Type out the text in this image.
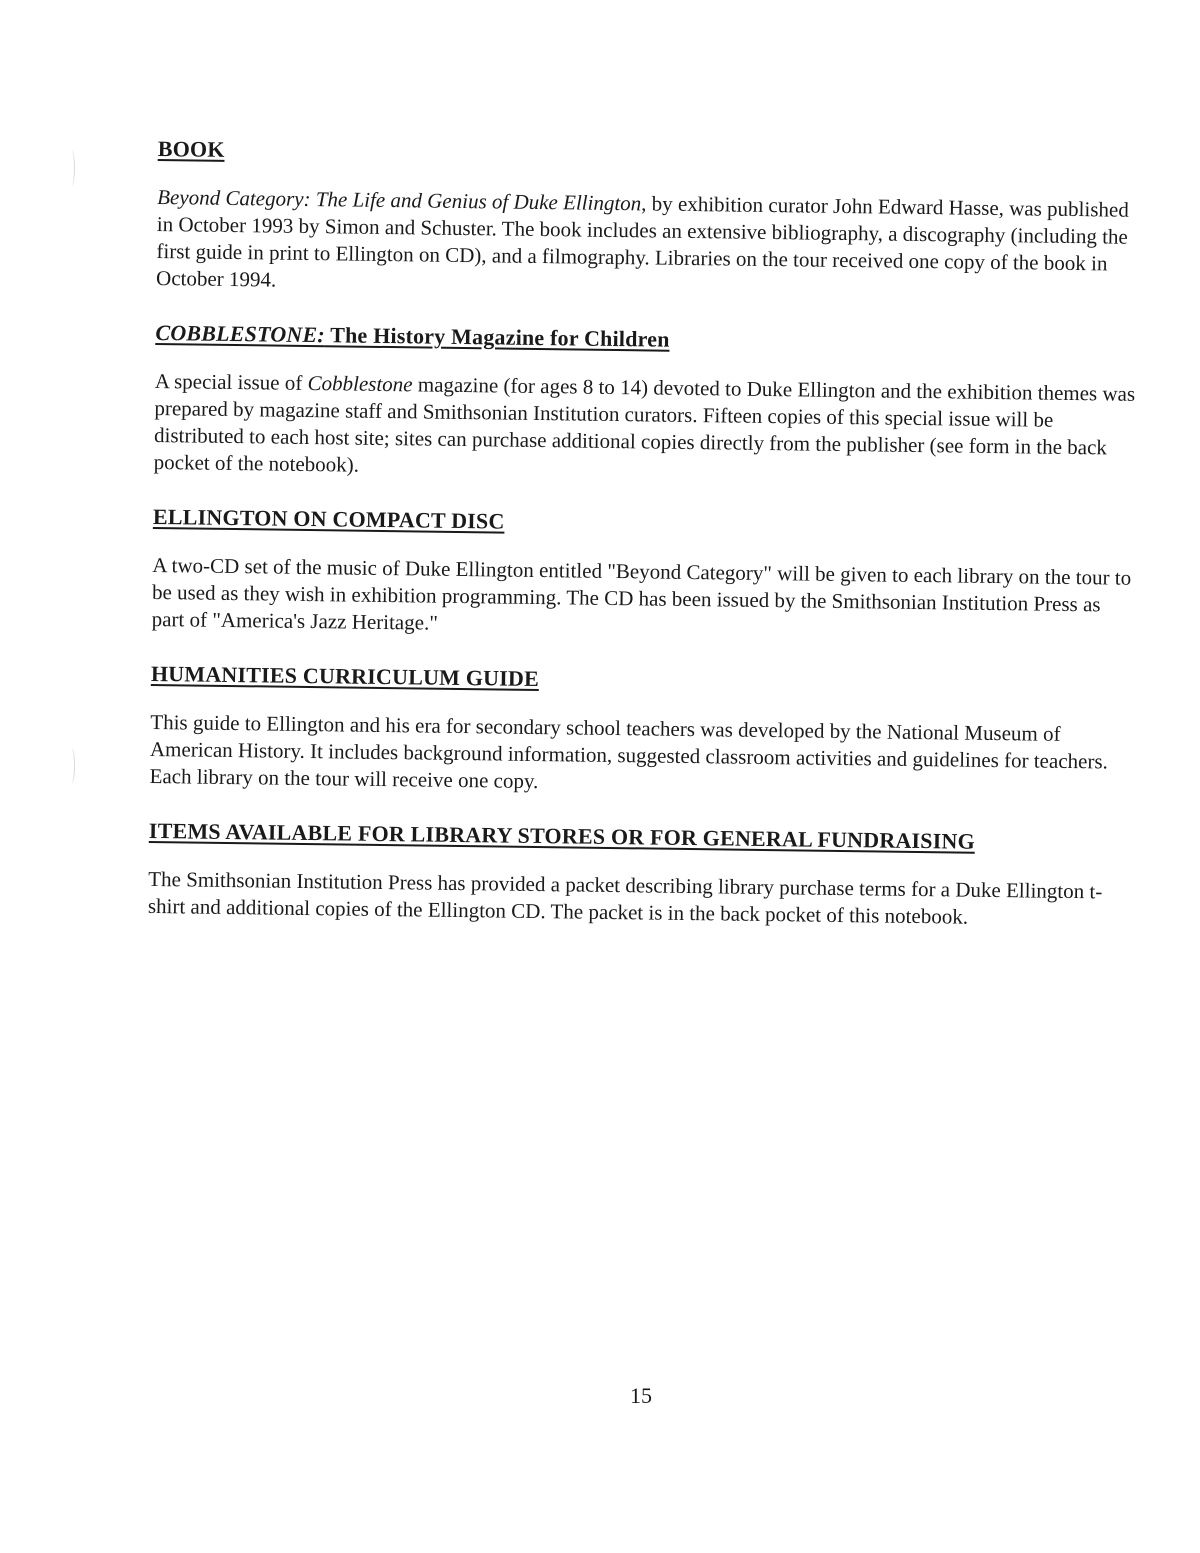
BOOK

Beyond Category: The Life and Genius of Duke Ellington, by exhibition curator John Edward Hasse, was published in October 1993 by Simon and Schuster. The book includes an extensive bibliography, a discography (including the first guide in print to Ellington on CD), and a filmography. Libraries on the tour received one copy of the book in October 1994.

COBBLESTONE: The History Magazine for Children

A special issue of Cobblestone magazine (for ages 8 to 14) devoted to Duke Ellington and the exhibition themes was prepared by magazine staff and Smithsonian Institution curators. Fifteen copies of this special issue will be distributed to each host site; sites can purchase additional copies directly from the publisher (see form in the back pocket of the notebook).

ELLINGTON ON COMPACT DISC

A two-CD set of the music of Duke Ellington entitled "Beyond Category" will be given to each library on the tour to be used as they wish in exhibition programming. The CD has been issued by the Smithsonian Institution Press as part of "America's Jazz Heritage."

HUMANITIES CURRICULUM GUIDE

This guide to Ellington and his era for secondary school teachers was developed by the National Museum of American History. It includes background information, suggested classroom activities and guidelines for teachers. Each library on the tour will receive one copy.

ITEMS AVAILABLE FOR LIBRARY STORES OR FOR GENERAL FUNDRAISING

The Smithsonian Institution Press has provided a packet describing library purchase terms for a Duke Ellington t-shirt and additional copies of the Ellington CD. The packet is in the back pocket of this notebook.

15
